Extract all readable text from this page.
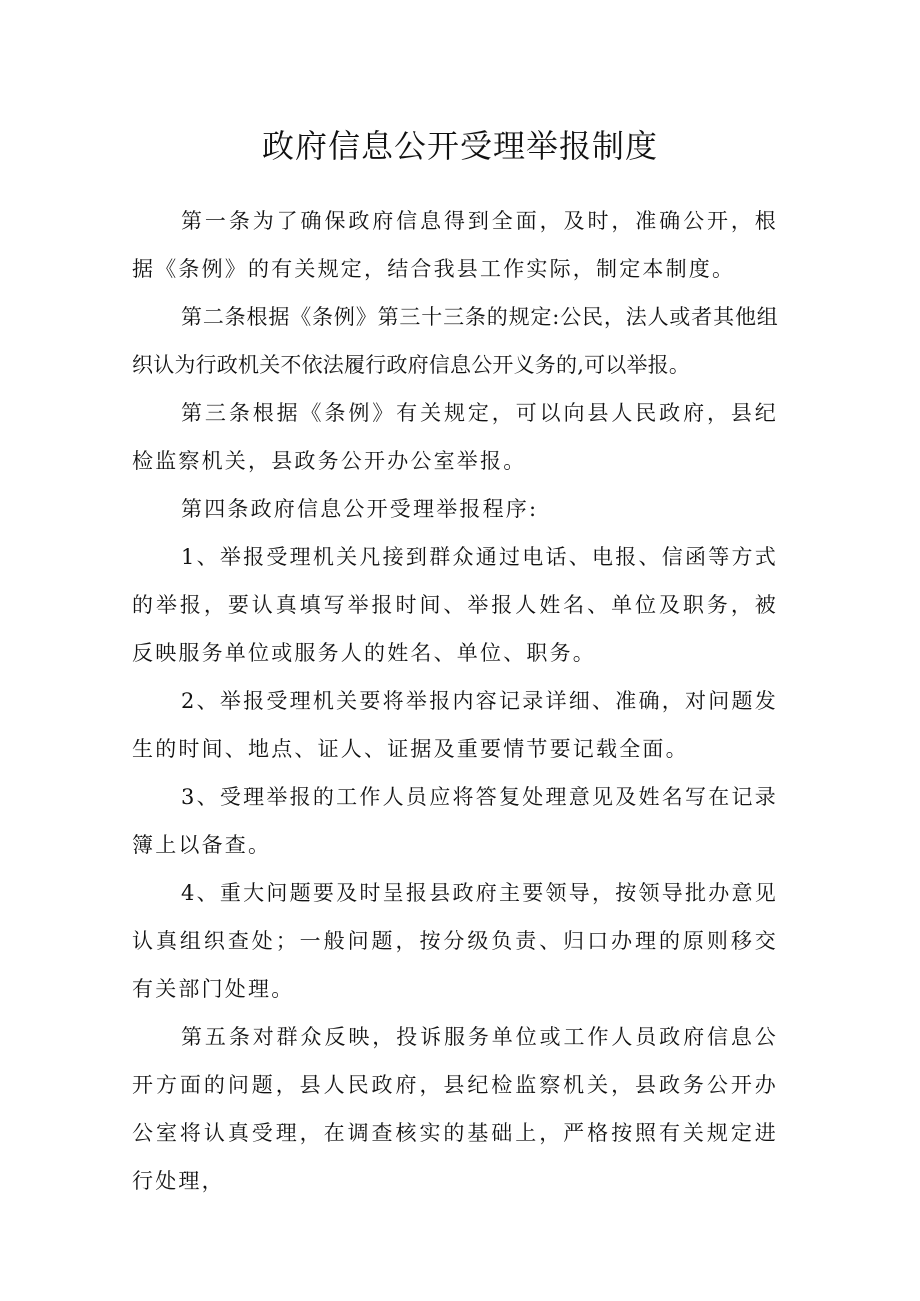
政府信息公开受理举报制度

第一条为了确保政府信息得到全面，及时，准确公开，根据《条例》的有关规定，结合我县工作实际，制定本制度。

第二条根据《条例》第三十三条的规定:公民，法人或者其他组织认为行政机关不依法履行政府信息公开义务的,可以举报。

第三条根据《条例》有关规定，可以向县人民政府，县纪检监察机关，县政务公开办公室举报。

第四条政府信息公开受理举报程序:

1、举报受理机关凡接到群众通过电话、电报、信函等方式的举报，要认真填写举报时间、举报人姓名、单位及职务，被反映服务单位或服务人的姓名、单位、职务。

2、举报受理机关要将举报内容记录详细、准确，对问题发生的时间、地点、证人、证据及重要情节要记载全面。

3、受理举报的工作人员应将答复处理意见及姓名写在记录簿上以备查。

4、重大问题要及时呈报县政府主要领导，按领导批办意见认真组织查处；一般问题，按分级负责、归口办理的原则移交有关部门处理。

第五条对群众反映，投诉服务单位或工作人员政府信息公开方面的问题，县人民政府，县纪检监察机关，县政务公开办公室将认真受理，在调查核实的基础上，严格按照有关规定进行处理，
